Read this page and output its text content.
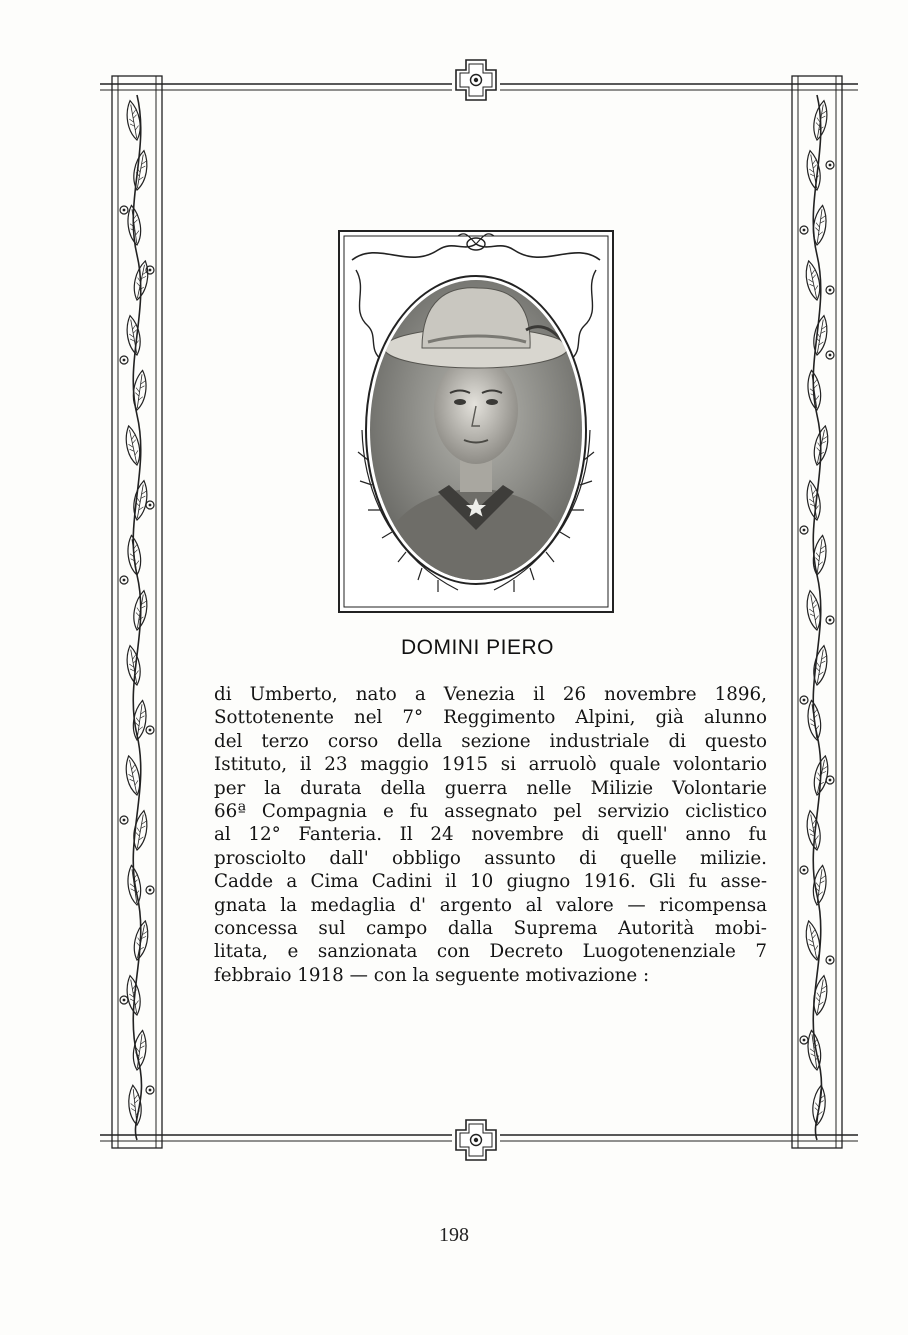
DOMINI PIERO
di Umberto, nato a Venezia il 26 novembre 1896,
Sottotenente nel 7° Reggimento Alpini, già alunno
del terzo corso della sezione industriale di questo
Istituto, il 23 maggio 1915 si arruolò quale volontario
per la durata della guerra nelle Milizie Volontarie
66ª Compagnia e fu assegnato pel servizio ciclistico
al 12° Fanteria. Il 24 novembre di quell' anno fu
prosciolto dall' obbligo assunto di quelle milizie.
Cadde a Cima Cadini il 10 giugno 1916. Gli fu asse-
gnata la medaglia d' argento al valore — ricompensa
concessa sul campo dalla Suprema Autorità mobi-
litata, e sanzionata con Decreto Luogotenenziale 7
febbraio 1918 — con la seguente motivazione :
198
